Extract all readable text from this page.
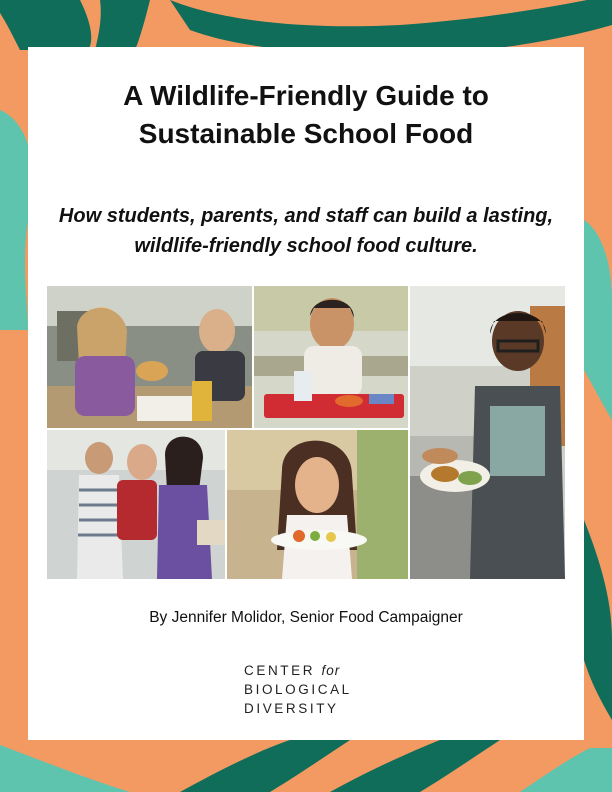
A Wildlife-Friendly Guide to
Sustainable School Food

How students, parents, and staff can build a lasting,
wildlife-friendly school food culture.

By Jennifer Molidor, Senior Food Campaigner

CENTER for
BIOLOGICAL
DIVERSITY
